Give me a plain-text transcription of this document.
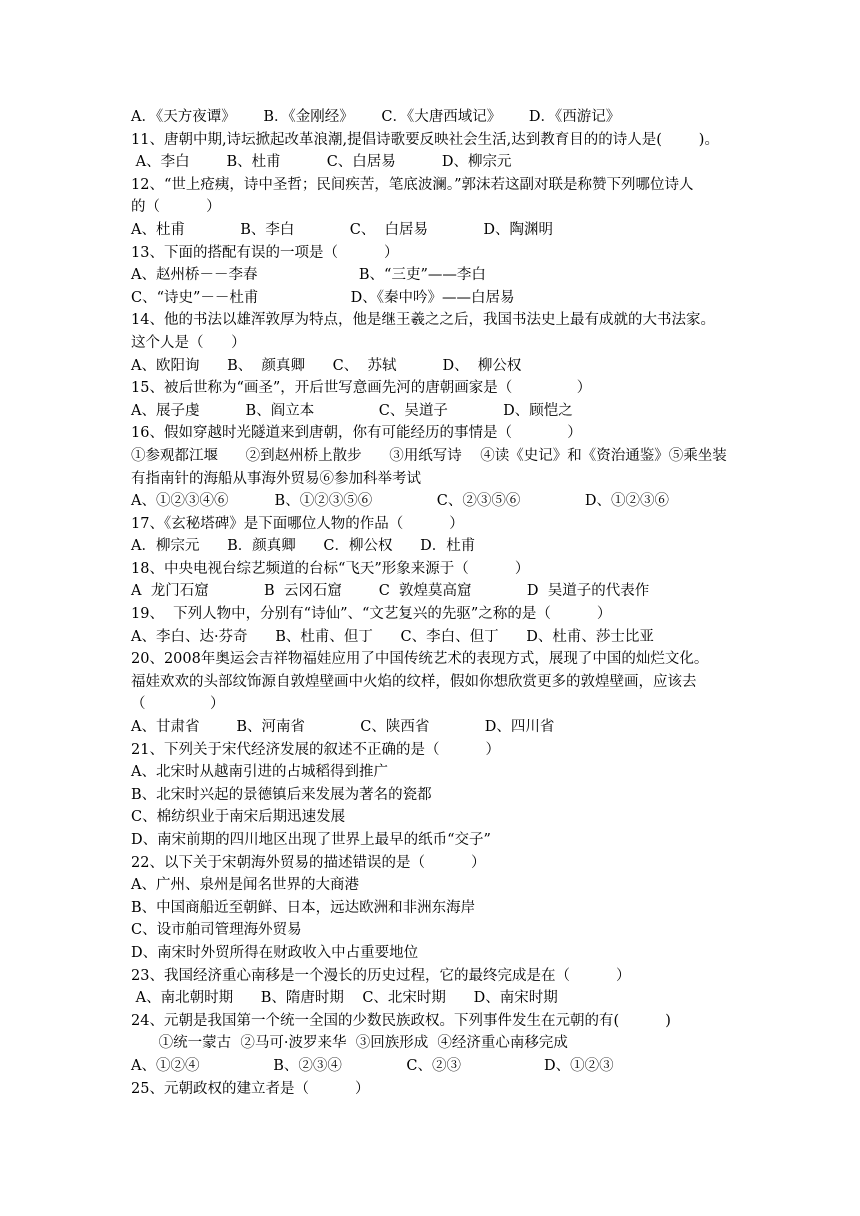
A．《天方夜谭》      B．《金刚经》      C．《大唐西域记》      D．《西游记》
11、唐朝中期,诗坛掀起改革浪潮,提倡诗歌要反映社会生活,达到教育目的的诗人是(        )。
A、李白        B、杜甫          C、白居易          D、柳宗元
12、“世上疮痍，诗中圣哲；民间疾苦，笔底波澜。”郭沫若这副对联是称赞下列哪位诗人
的（          ）
A、杜甫            B、李白            C、  白居易            D、陶渊明
13、下面的搭配有误的一项是（          ）
A、赵州桥－－李春                      B、“三吏”——李白
C、“诗史”－－杜甫                    D、《秦中吟》——白居易
14、他的书法以雄浑敦厚为特点，他是继王羲之之后，我国书法史上最有成就的大书法家。
这个人是（      ）
A、欧阳询      B、  颜真卿      C、  苏轼          D、  柳公权
15、被后世称为“画圣”，开后世写意画先河的唐朝画家是（              ）
A、展子虔          B、阎立本              C、吴道子            D、顾恺之
16、假如穿越时光隧道来到唐朝，你有可能经历的事情是（            ）
①参观都江堰      ②到赵州桥上散步      ③用纸写诗    ④读《史记》和《资治通鉴》⑤乘坐装
有指南针的海船从事海外贸易⑥参加科举考试
A、①②③④⑥          B、①②③⑤⑥              C、②③⑤⑥              D、①②③⑥
17、《玄秘塔碑》是下面哪位人物的作品（          ）
A．柳宗元      B．颜真卿      C．柳公权      D．杜甫
18、中央电视台综艺频道的台标“飞天”形象来源于（          ）
A  龙门石窟            B  云冈石窟        C  敦煌莫高窟            D  吴道子的代表作
19、  下列人物中，分别有“诗仙”、“文艺复兴的先驱”之称的是（          ）
A、李白、达·芬奇      B、杜甫、但丁      C、李白、但丁      D、杜甫、莎士比亚
20、2008年奥运会吉祥物福娃应用了中国传统艺术的表现方式，展现了中国的灿烂文化。
福娃欢欢的头部纹饰源自敦煌壁画中火焰的纹样，假如你想欣赏更多的敦煌壁画，应该去
（              ）
A、甘肃省        B、河南省            C、陕西省            D、四川省
21、下列关于宋代经济发展的叙述不正确的是（          ）
A、北宋时从越南引进的占城稻得到推广
B、北宋时兴起的景德镇后来发展为著名的瓷都
C、棉纺织业于南宋后期迅速发展
D、南宋前期的四川地区出现了世界上最早的纸币“交子”
22、以下关于宋朝海外贸易的描述错误的是（          ）
A、广州、泉州是闻名世界的大商港
B、中国商船近至朝鲜、日本，远达欧洲和非洲东海岸
C、设市舶司管理海外贸易
D、南宋时外贸所得在财政收入中占重要地位
23、我国经济重心南移是一个漫长的历史过程，它的最终完成是在（          ）
A、南北朝时期      B、隋唐时期    C、北宋时期      D、南宋时期
24、元朝是我国第一个统一全国的少数民族政权。下列事件发生在元朝的有(          )
①统一蒙古  ②马可·波罗来华  ③回族形成  ④经济重心南移完成
A、①②④                B、②③④              C、②③                  D、①②③
25、元朝政权的建立者是（          ）
